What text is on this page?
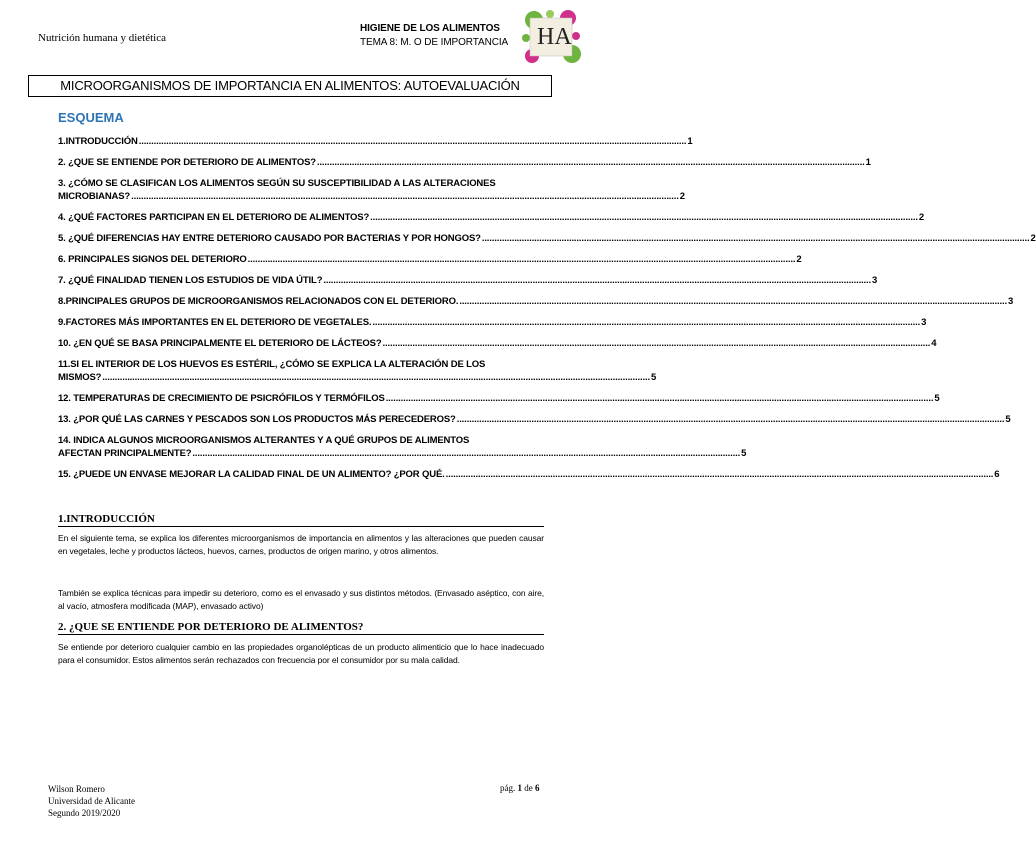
Nutrición humana y dietética
HIGIENE DE LOS ALIMENTOS
TEMA 8: M. O DE IMPORTANCIA HA
MICROORGANISMOS DE IMPORTANCIA EN ALIMENTOS: AUTOEVALUACIÓN
ESQUEMA
1.INTRODUCCIÓN ............................................................................................................................................................................................................................ 1
2. ¿QUE SE ENTIENDE POR DETERIORO DE ALIMENTOS? ............................................................................................................................................................................................................................ 1
3. ¿CÓMO SE CLASIFICAN LOS ALIMENTOS SEGÚN SU SUSCEPTIBILIDAD A LAS ALTERACIONES
MICROBIANAS? ............................................................................................................................................................................................................................ 2
4. ¿QUÉ FACTORES PARTICIPAN EN EL DETERIORO DE ALIMENTOS? ............................................................................................................................................................................................................................ 2
5. ¿QUÉ DIFERENCIAS HAY ENTRE DETERIORO CAUSADO POR BACTERIAS Y POR HONGOS? ............................................................................................................................................................................................................................ 2
6. PRINCIPALES SIGNOS DEL DETERIORO ............................................................................................................................................................................................................................ 2
7. ¿QUÉ FINALIDAD TIENEN LOS ESTUDIOS DE VIDA ÚTIL? ............................................................................................................................................................................................................................ 3
8.PRINCIPALES GRUPOS DE MICROORGANISMOS RELACIONADOS CON EL DETERIORO. ............................................................................................................................................................................................................................ 3
9.FACTORES MÁS IMPORTANTES EN EL DETERIORO DE VEGETALES. ............................................................................................................................................................................................................................ 3
10. ¿EN QUÉ SE BASA PRINCIPALMENTE EL DETERIORO DE LÁCTEOS? ............................................................................................................................................................................................................................ 4
11.SI EL INTERIOR DE LOS HUEVOS ES ESTÉRIL, ¿CÓMO SE EXPLICA LA ALTERACIÓN DE LOS
MISMOS? ............................................................................................................................................................................................................................ 5
12. TEMPERATURAS DE CRECIMIENTO DE PSICRÓFILOS Y TERMÓFILOS ............................................................................................................................................................................................................................ 5
13. ¿POR QUÉ LAS CARNES Y PESCADOS SON LOS PRODUCTOS MÁS PERECEDEROS? ............................................................................................................................................................................................................................ 5
14. INDICA ALGUNOS MICROORGANISMOS ALTERANTES Y A QUÉ GRUPOS DE ALIMENTOS
AFECTAN PRINCIPALMENTE? ............................................................................................................................................................................................................................ 5
15. ¿PUEDE UN ENVASE MEJORAR LA CALIDAD FINAL DE UN ALIMENTO? ¿POR QUÉ. ............................................................................................................................................................................................................................ 6
1.INTRODUCCIÓN
En el siguiente tema, se explica los diferentes microorganismos de importancia en alimentos y las alteraciones que pueden causar en vegetales, leche y productos lácteos, huevos, carnes, productos de origen marino, y otros alimentos.
También se explica técnicas para impedir su deterioro, como es el envasado y sus distintos métodos. (Envasado aséptico, con aire, al vacío, atmosfera modificada (MAP), envasado activo)
2. ¿QUE SE ENTIENDE POR DETERIORO DE ALIMENTOS?
Se entiende por deterioro cualquier cambio en las propiedades organolépticas de un producto alimenticio que lo hace inadecuado para el consumidor. Estos alimentos serán rechazados con frecuencia por el consumidor por su mala calidad.
Wilson Romero
Universidad de Alicante
Segundo 2019/2020
pág. 1 de 6
